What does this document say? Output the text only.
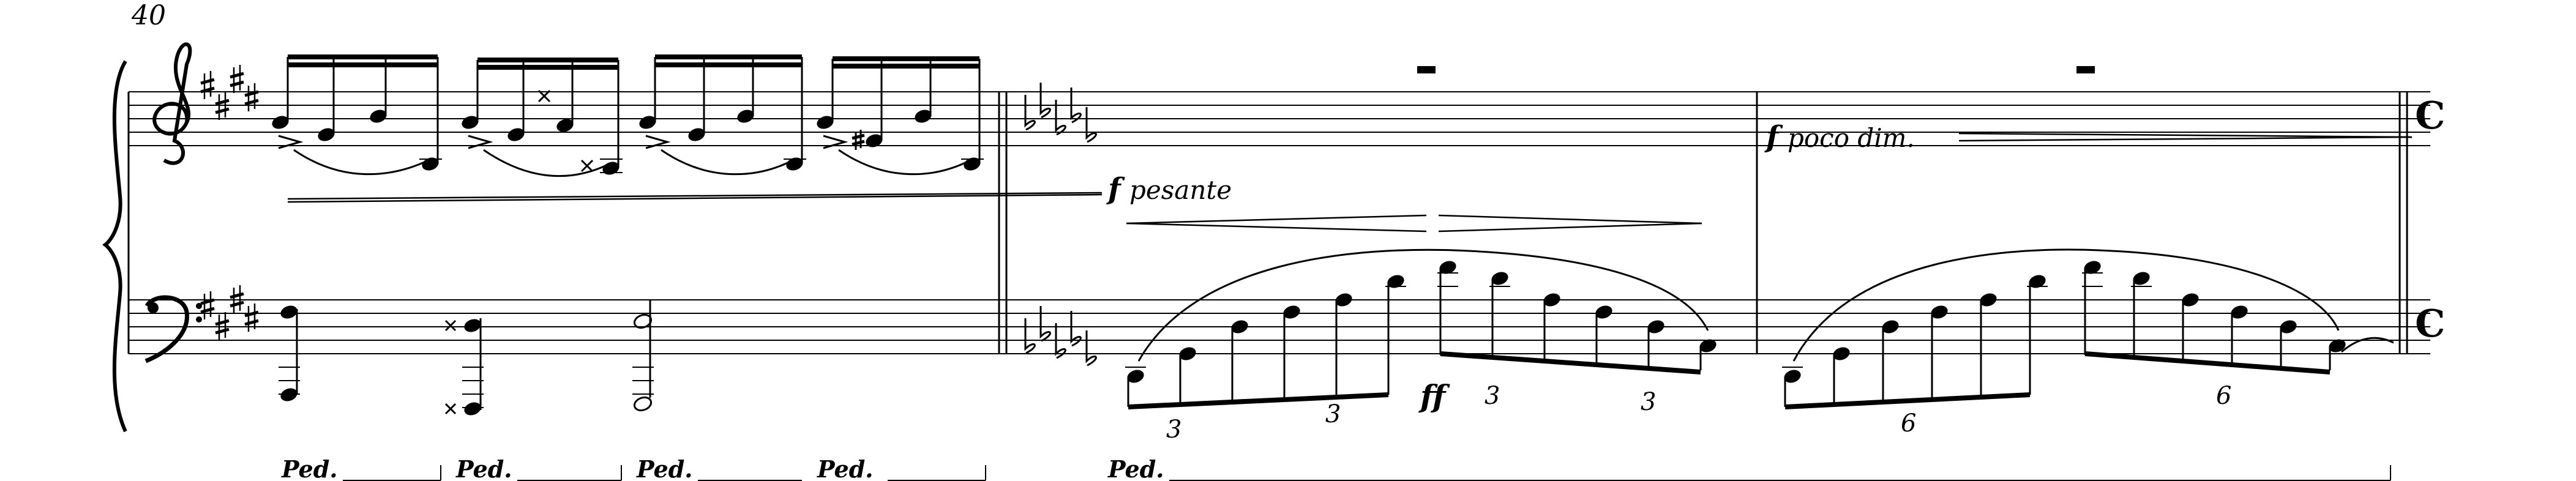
40
f pesante
f poco dim.
ff
3
3
3	3
6
6
Ped.	Ped.	Ped.	Ped.	Ped.
C
C
